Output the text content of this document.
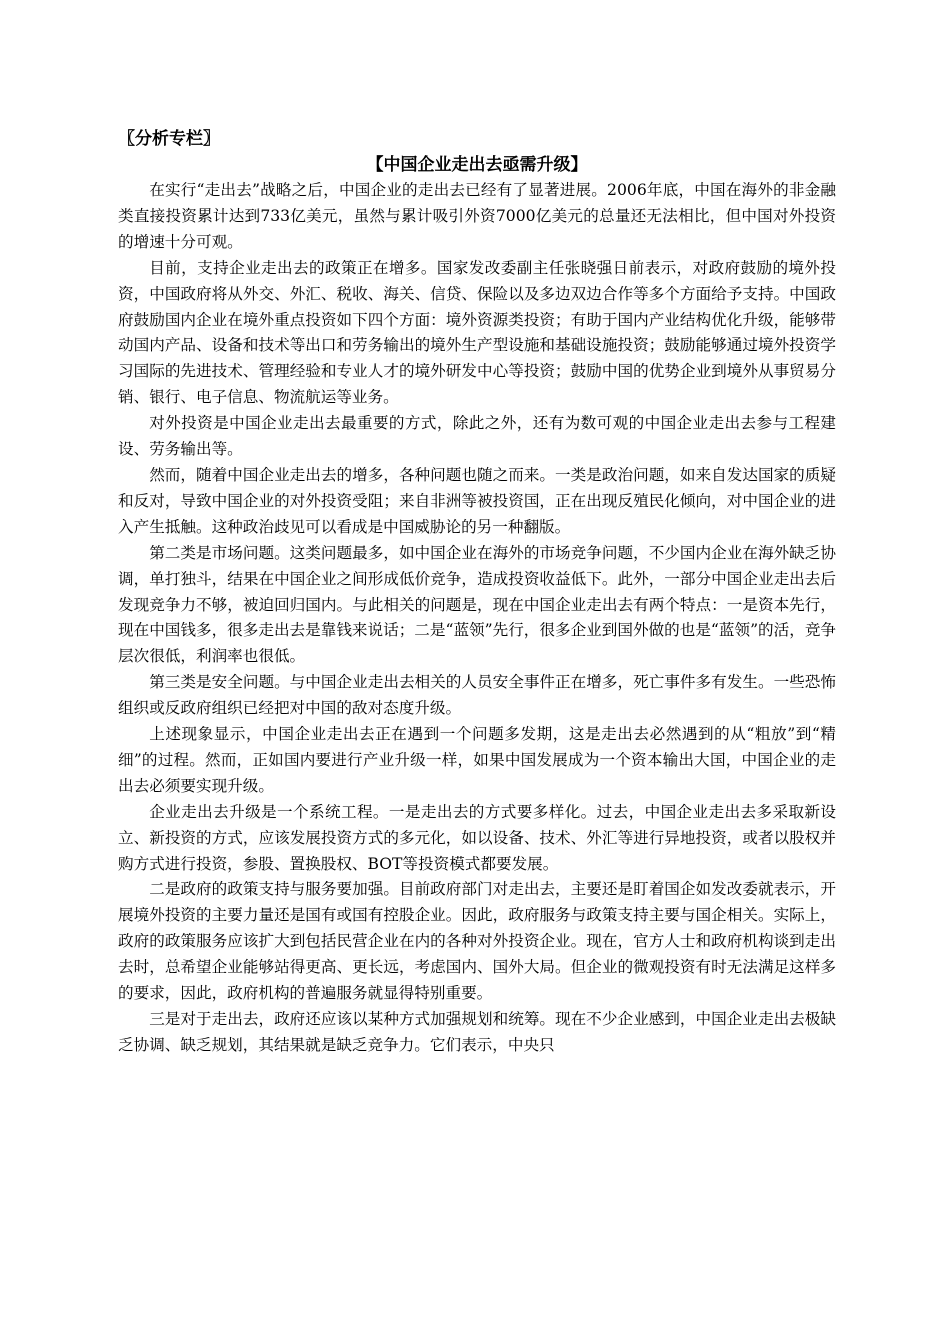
〖分析专栏〗

【中国企业走出去亟需升级】

在实行“走出去”战略之后，中国企业的走出去已经有了显著进展。2006年底，中国在海外的非金融类直接投资累计达到733亿美元，虽然与累计吸引外资7000亿美元的总量还无法相比，但中国对外投资的增速十分可观。

目前，支持企业走出去的政策正在增多。国家发改委副主任张晓强日前表示，对政府鼓励的境外投资，中国政府将从外交、外汇、税收、海关、信贷、保险以及多边双边合作等多个方面给予支持。中国政府鼓励国内企业在境外重点投资如下四个方面：境外资源类投资；有助于国内产业结构优化升级，能够带动国内产品、设备和技术等出口和劳务输出的境外生产型设施和基础设施投资；鼓励能够通过境外投资学习国际的先进技术、管理经验和专业人才的境外研发中心等投资；鼓励中国的优势企业到境外从事贸易分销、银行、电子信息、物流航运等业务。

对外投资是中国企业走出去最重要的方式，除此之外，还有为数可观的中国企业走出去参与工程建设、劳务输出等。

然而，随着中国企业走出去的增多，各种问题也随之而来。一类是政治问题，如来自发达国家的质疑和反对，导致中国企业的对外投资受阻；来自非洲等被投资国，正在出现反殖民化倾向，对中国企业的进入产生抵触。这种政治歧见可以看成是中国威胁论的另一种翻版。

第二类是市场问题。这类问题最多，如中国企业在海外的市场竞争问题，不少国内企业在海外缺乏协调，单打独斗，结果在中国企业之间形成低价竞争，造成投资收益低下。此外，一部分中国企业走出去后发现竞争力不够，被迫回归国内。与此相关的问题是，现在中国企业走出去有两个特点：一是资本先行，现在中国钱多，很多走出去是靠钱来说话；二是“蓝领”先行，很多企业到国外做的也是“蓝领”的活，竞争层次很低，利润率也很低。

第三类是安全问题。与中国企业走出去相关的人员安全事件正在增多，死亡事件多有发生。一些恐怖组织或反政府组织已经把对中国的敌对态度升级。

上述现象显示，中国企业走出去正在遇到一个问题多发期，这是走出去必然遇到的从“粗放”到“精细”的过程。然而，正如国内要进行产业升级一样，如果中国发展成为一个资本输出大国，中国企业的走出去必须要实现升级。

企业走出去升级是一个系统工程。一是走出去的方式要多样化。过去，中国企业走出去多采取新设立、新投资的方式，应该发展投资方式的多元化，如以设备、技术、外汇等进行异地投资，或者以股权并购方式进行投资，参股、置换股权、BOT等投资模式都要发展。

二是政府的政策支持与服务要加强。目前政府部门对走出去，主要还是盯着国企如发改委就表示，开展境外投资的主要力量还是国有或国有控股企业。因此，政府服务与政策支持主要与国企相关。实际上，政府的政策服务应该扩大到包括民营企业在内的各种对外投资企业。现在，官方人士和政府机构谈到走出去时，总希望企业能够站得更高、更长远，考虑国内、国外大局。但企业的微观投资有时无法满足这样多的要求，因此，政府机构的普遍服务就显得特别重要。

三是对于走出去，政府还应该以某种方式加强规划和统筹。现在不少企业感到，中国企业走出去极缺乏协调、缺乏规划，其结果就是缺乏竞争力。它们表示，中央只
